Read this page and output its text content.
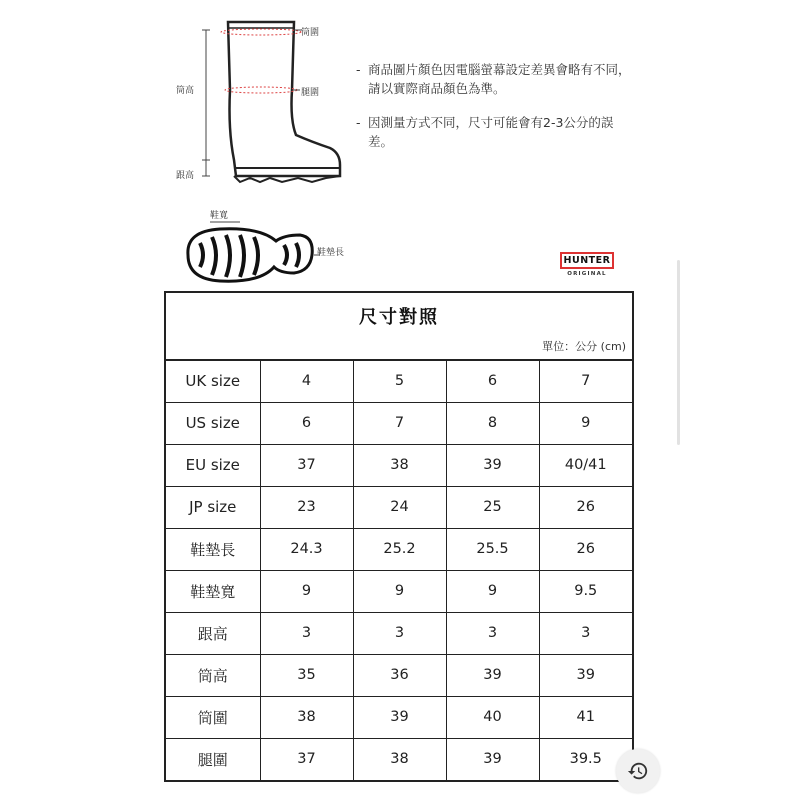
筒圍
筒高	腿圍
跟高
鞋寬
鞋墊長
- 商品圖片顏色因電腦螢幕設定差異會略有不同，請以實際商品顏色為準。
- 因測量方式不同，尺寸可能會有2-3公分的誤差。
HUNTER
ORIGINAL
尺寸對照
單位：公分 (cm)
UK size	4	5	6	7
US size	6	7	8	9
EU size	37	38	39	40/41
JP size	23	24	25	26
鞋墊長	24.3	25.2	25.5	26
鞋墊寬	9	9	9	9.5
跟高	3	3	3	3
筒高	35	36	39	39
筒圍	38	39	40	41
腿圍	37	38	39	39.5
